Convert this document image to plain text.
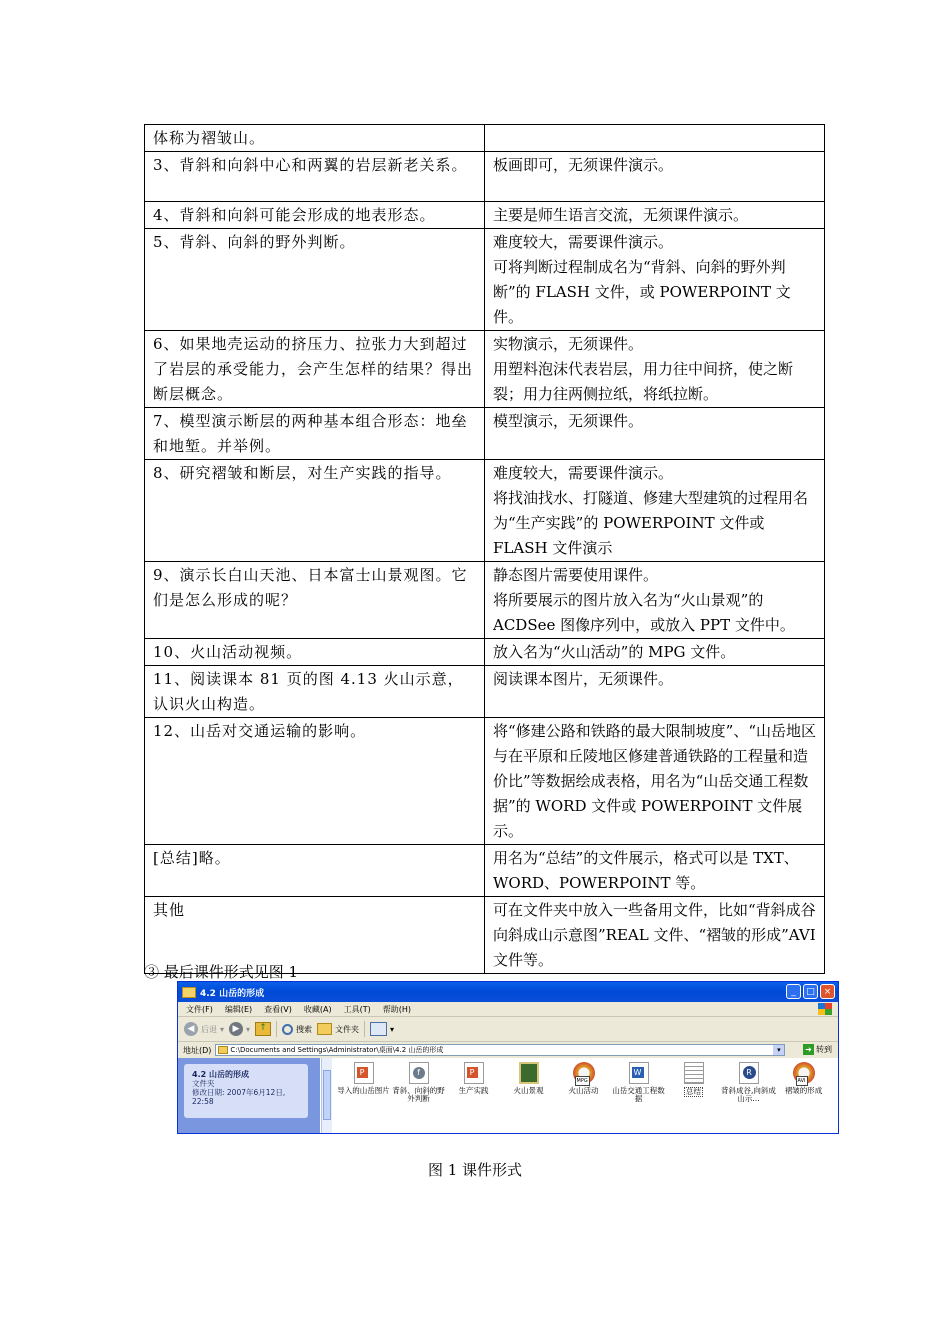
体称为褶皱山。	

3、背斜和向斜中心和两翼的岩层新老关系。	板画即可，无须课件演示。

4、背斜和向斜可能会形成的地表形态。	主要是师生语言交流，无须课件演示。

5、背斜、向斜的野外判断。	难度较大，需要课件演示。
可将判断过程制成名为“背斜、向斜的野外判断”的 FLASH 文件，或 POWERPOINT 文件。

6、如果地壳运动的挤压力、拉张力大到超过了岩层的承受能力，会产生怎样的结果？得出断层概念。	实物演示，无须课件。
用塑料泡沫代表岩层，用力往中间挤，使之断裂；用力往两侧拉纸，将纸拉断。

7、模型演示断层的两种基本组合形态：地垒和地堑。并举例。	模型演示，无须课件。

8、研究褶皱和断层，对生产实践的指导。	难度较大，需要课件演示。
将找油找水、打隧道、修建大型建筑的过程用名为“生产实践”的 POWERPOINT 文件或 FLASH 文件演示

9、演示长白山天池、日本富士山景观图。它们是怎么形成的呢？	静态图片需要使用课件。
将所要展示的图片放入名为“火山景观”的 ACDSee 图像序列中，或放入 PPT 文件中。

10、火山活动视频。	放入名为“火山活动”的 MPG 文件。

11、阅读课本 81 页的图 4.13 火山示意，认识火山构造。	阅读课本图片，无须课件。

12、山岳对交通运输的影响。	将“修建公路和铁路的最大限制坡度”、“山岳地区与在平原和丘陵地区修建普通铁路的工程量和造价比”等数据绘成表格，用名为“山岳交通工程数据”的 WORD 文件或 POWERPOINT 文件展示。

[总结]略。	用名为“总结”的文件展示，格式可以是 TXT、WORD、POWERPOINT 等。

其他	可在文件夹中放入一些备用文件，比如“背斜成谷向斜成山示意图”REAL 文件、“褶皱的形成”AVI 文件等。
③ 最后课件形式见图 1
4.2 山岳的形成	_	□ ×
文件(F) 编辑(E) 查看(V) 收藏(A) 工具(T) 帮助(H)
◀ 后退 ▾ ▶ ▾	↑	搜索	文件夹	▾
地址(D)	C:\Documents and Settings\Administrator\桌面\4.2 山岳的形成	▾	➜ 转到
4.2 山岳的形成
文件夹
修改日期: 2007年6月12日, 22:58
P
导入的山岳图片
f 背斜、向斜的野外判断
P
生产实践	火山景观
MPG	火山活动
W 山岳交通工程数据
总结
R	背斜成谷,向斜成山示...
AVI
褶皱的形成
图 1 课件形式
